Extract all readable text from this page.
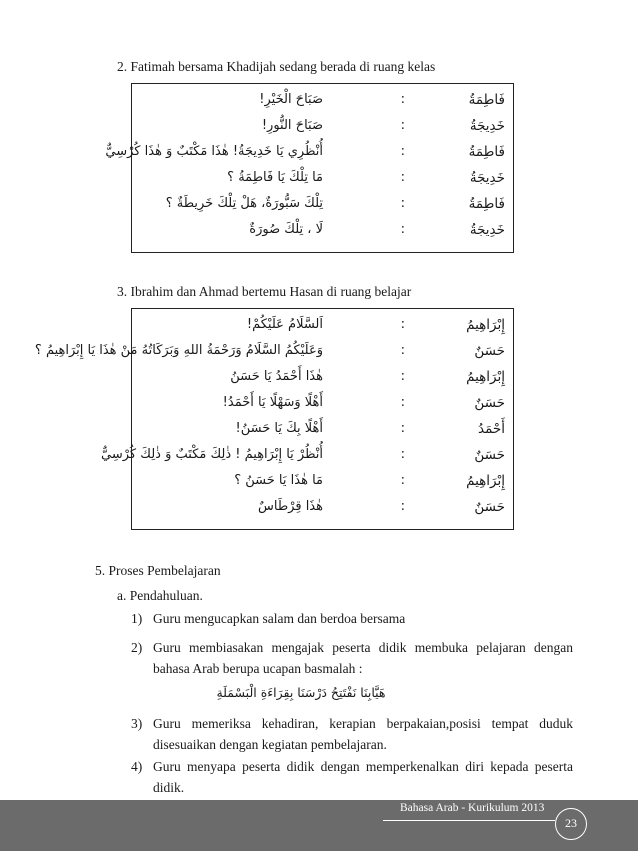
2. Fatimah bersama Khadijah sedang berada di ruang kelas
فَاطِمَةُ
:
صَبَاحَ الْخَيْرِ!
خَدِيجَةُ
:
صَبَاحَ النُّورِ!
فَاطِمَةُ
:
أُنْظُرِي يَا خَدِيجَةُ! هٰذَا مَكْتَبٌ وَ هٰذَا كُرْسِيٌّ
خَدِيجَةُ
:
مَا تِلْكَ يَا فَاطِمَةُ ؟
فَاطِمَةُ
:
تِلْكَ سَبُّورَةٌ، هَلْ تِلْكَ خَرِيطَةٌ ؟
خَدِيجَةُ
:
لَا ، تِلْكَ صُورَةٌ
3. Ibrahim dan Ahmad bertemu Hasan di ruang belajar
إِبْرَاهِيمُ
:
اَلسَّلَامُ عَلَيْكُمْ!
حَسَنٌ
:
وَعَلَيْكُمُ السَّلَامُ وَرَحْمَةُ اللهِ وَبَرَكَاتُهُ مَنْ هٰذَا يَا إِبْرَاهِيمُ ؟
إِبْرَاهِيمُ
:
هٰذَا أَحْمَدُ يَا حَسَنُ
حَسَنٌ
:
أَهْلًا وَسَهْلًا يَا أَحْمَدُ!
أَحْمَدُ
:
أَهْلًا بِكَ يَا حَسَنُ!
حَسَنٌ
:
أُنْظُرْ يَا إِبْرَاهِيمُ ! ذٰلِكَ مَكْتَبٌ وَ ذٰلِكَ كُرْسِيٌّ
إِبْرَاهِيمُ
:
مَا هٰذَا يَا حَسَنُ ؟
حَسَنٌ
:
هٰذَا قِرْطَاسٌ
5. Proses Pembelajaran
a. Pendahuluan.
1) Guru mengucapkan salam dan berdoa bersama
2) Guru membiasakan mengajak peserta didik membuka pelajaran dengan bahasa Arab berupa ucapan basmalah :
هَيَّابِنَا نَفْتَتِحُ دَرْسَنَا بِقِرَاءَةِ الْبَسْمَلَةِ
3) Guru memeriksa kehadiran, kerapian berpakaian,posisi tempat duduk disesuaikan dengan kegiatan pembelajaran.
4) Guru menyapa peserta didik dengan memperkenalkan diri kepada peserta didik.
Bahasa Arab - Kurikulum 2013
23
